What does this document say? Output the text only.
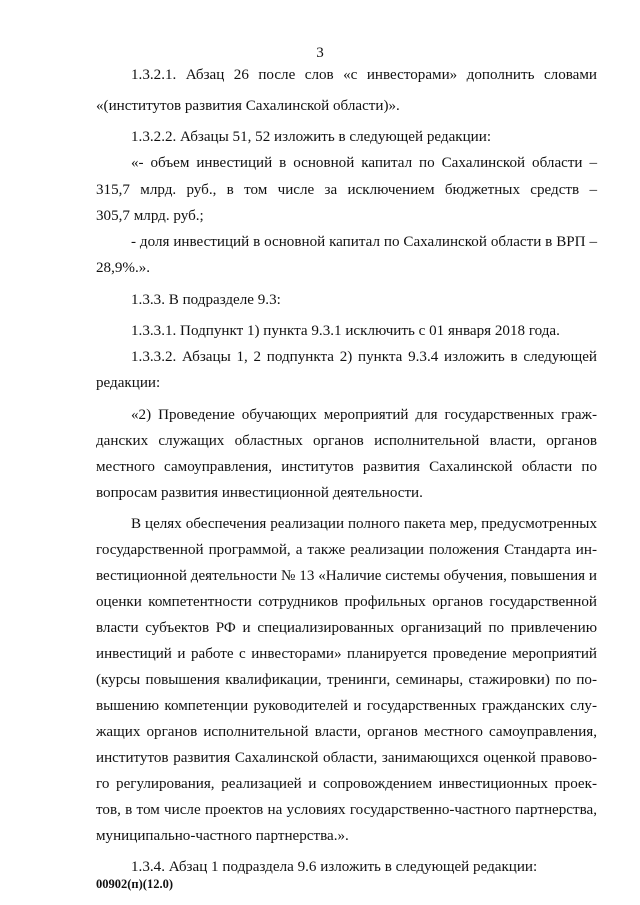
3
1.3.2.1. Абзац 26 после слов «с инвесторами» дополнить словами
«(институтов развития Сахалинской области)».
1.3.2.2. Абзацы 51, 52 изложить в следующей редакции:
«- объем инвестиций в основной капитал по Сахалинской области –
315,7 млрд. руб., в том числе за исключением бюджетных средств –
305,7 млрд. руб.;
- доля инвестиций в основной капитал по Сахалинской области в ВРП –
28,9%.».
1.3.3. В подразделе 9.3:
1.3.3.1. Подпункт 1) пункта 9.3.1 исключить с 01 января 2018 года.
1.3.3.2. Абзацы 1, 2 подпункта 2) пункта 9.3.4 изложить в следующей
редакции:
«2) Проведение обучающих мероприятий для государственных граж-
данских служащих областных органов исполнительной власти, органов
местного самоуправления, институтов развития Сахалинской области по
вопросам развития инвестиционной деятельности.
В целях обеспечения реализации полного пакета мер, предусмотренных
государственной программой, а также реализации положения Стандарта ин-
вестиционной деятельности № 13 «Наличие системы обучения, повышения и
оценки компетентности сотрудников профильных органов государственной
власти субъектов РФ и специализированных организаций по привлечению
инвестиций и работе с инвесторами» планируется проведение мероприятий
(курсы повышения квалификации, тренинги, семинары, стажировки) по по-
вышению компетенции руководителей и государственных гражданских слу-
жащих органов исполнительной власти, органов местного самоуправления,
институтов развития Сахалинской области, занимающихся оценкой правово-
го регулирования, реализацией и сопровождением инвестиционных проек-
тов, в том числе проектов на условиях государственно-частного партнерства,
муниципально-частного партнерства.».
1.3.4. Абзац 1 подраздела 9.6 изложить в следующей редакции:
00902(п)(12.0)
